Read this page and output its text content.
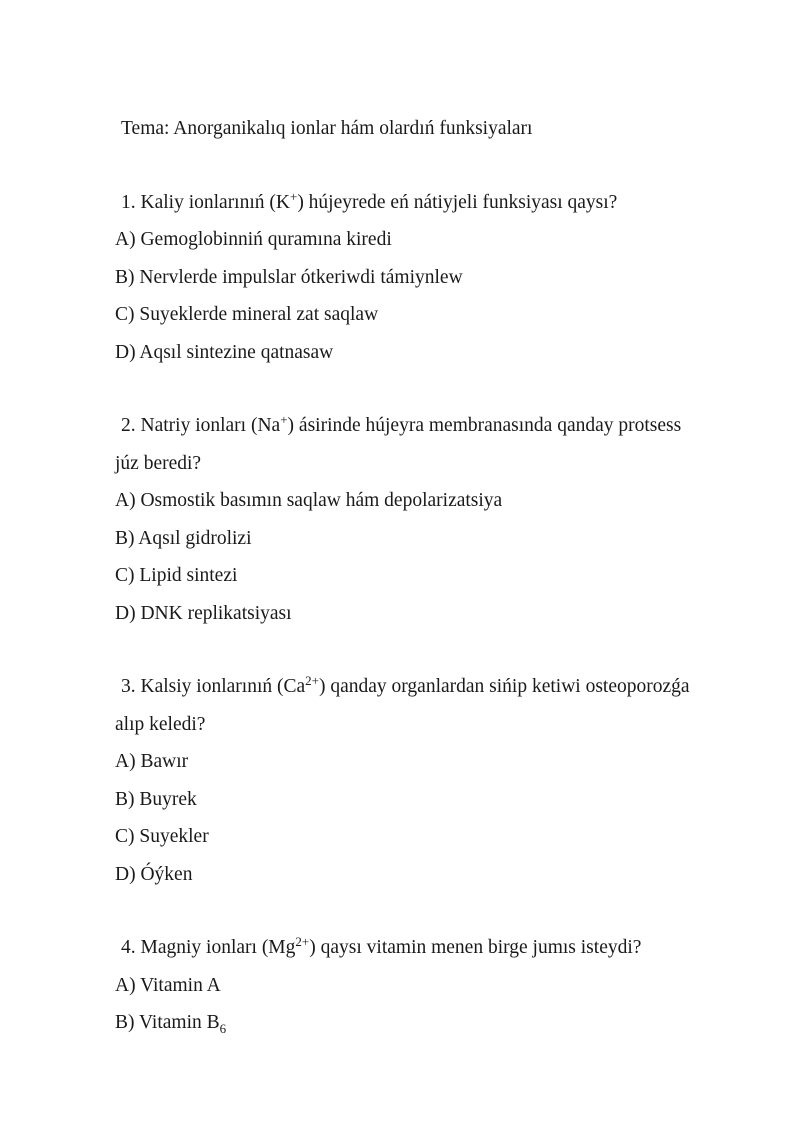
Tema: Anorganikalıq ionlar hám olardıń funksiyaları
1. Kaliy ionlarınıń (K+) hújeyrede eń nátiyjeli funksiyası qaysı?
A) Gemoglobinniń quramına kiredi
B) Nervlerde impulslar ótkeriwdi támiynlew
C) Suyeklerde mineral zat saqlaw
D) Aqsıl sintezine qatnasaw
2. Natriy ionları (Na+) ásirinde hújeyra membranasında qanday protsess
júz beredi?
A) Osmostik basımın saqlaw hám depolarizatsiya
B) Aqsıl gidrolizi
C) Lipid sintezi
D) DNK replikatsiyası
3. Kalsiy ionlarınıń $(Ca^{2+})$ qanday organlardan sińip ketiwi osteoporozǵa
alıp keledi?
A) Bawır
B) Buyrek
C) Suyekler
D) Óýken
4. Magniy ionları $(Mg^{2+})$ qaysı vitamin menen birge jumıs isteydi?
A) Vitamin A
B) Vitamin $B_6$
